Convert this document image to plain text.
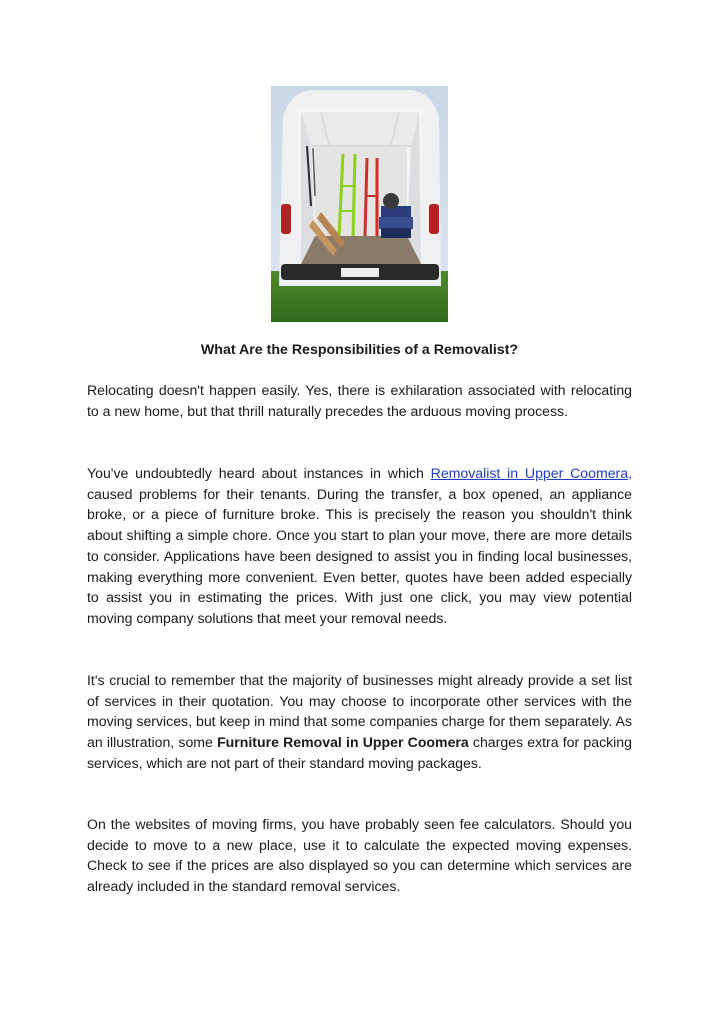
What Are the Responsibilities of a Removalist?

Relocating doesn't happen easily. Yes, there is exhilaration associated with relocating to a new home, but that thrill naturally precedes the arduous moving process.

You've undoubtedly heard about instances in which Removalist in Upper Coomera, caused problems for their tenants. During the transfer, a box opened, an appliance broke, or a piece of furniture broke. This is precisely the reason you shouldn't think about shifting a simple chore. Once you start to plan your move, there are more details to consider. Applications have been designed to assist you in finding local businesses, making everything more convenient. Even better, quotes have been added especially to assist you in estimating the prices. With just one click, you may view potential moving company solutions that meet your removal needs.

It's crucial to remember that the majority of businesses might already provide a set list of services in their quotation. You may choose to incorporate other services with the moving services, but keep in mind that some companies charge for them separately. As an illustration, some Furniture Removal in Upper Coomera charges extra for packing services, which are not part of their standard moving packages.

On the websites of moving firms, you have probably seen fee calculators. Should you decide to move to a new place, use it to calculate the expected moving expenses. Check to see if the prices are also displayed so you can determine which services are already included in the standard removal services.
